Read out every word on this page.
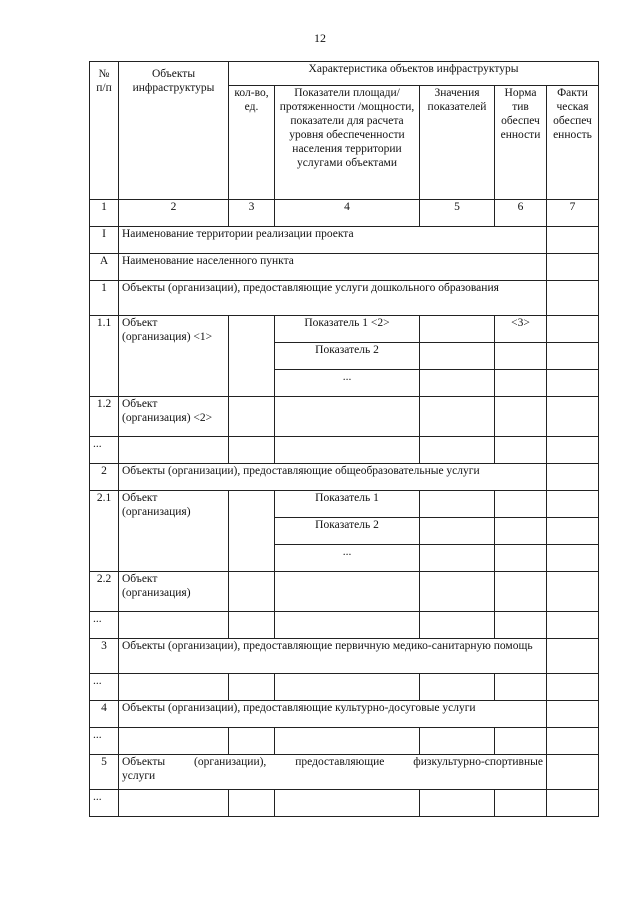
12
№ п/п	Объекты инфраструктуры	Характеристика объектов инфраструктуры				
		кол-во, ед.	Показатели площади/протяженности /мощности, показатели для расчета уровня обеспеченности населения территории услугами объектами	Значения показателей	Норма тив обеспеч енности	Факти ческая обеспеч енность
1	2	3	4	5	6	7
I	Наименование территории реализации проекта					
А	Наименование населенного пункта					
1	Объекты (организации), предоставляющие услуги дошкольного образования					
1.1	Объект (организация) <1>		Показатель 1 <2>		<3>	
			Показатель 2			
			...			
1.2	Объект (организация) <2>					
...						
2	Объекты (организации), предоставляющие общеобразовательные услуги					
2.1	Объект (организация)		Показатель 1			
			Показатель 2			
			...			
2.2	Объект (организация)					
...						
3	Объекты (организации), предоставляющие первичную медико-санитарную помощь					
...						
4	Объекты (организации), предоставляющие культурно-досуговые услуги					
...						
5	Объекты (организации), предоставляющие физкультурно-спортивные
услуги					

...						
